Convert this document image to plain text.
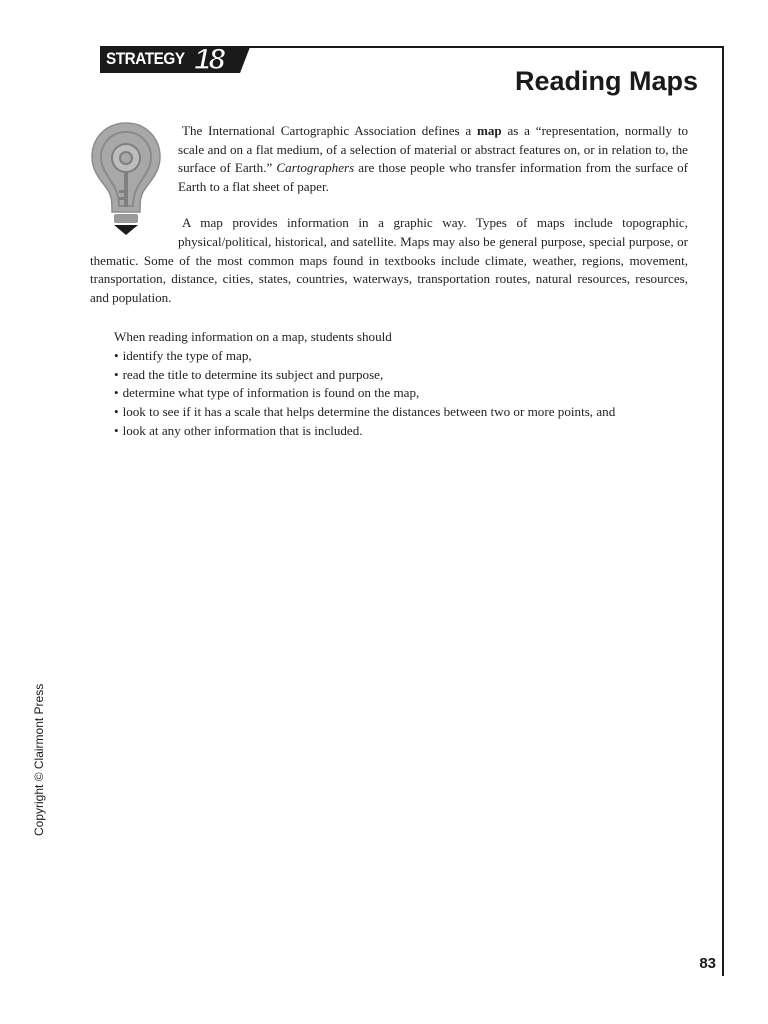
STRATEGY 18
Reading Maps

The International Cartographic Association defines a map as a “representation, normally to scale and on a flat medium, of a selection of material or abstract features on, or in relation to, the surface of Earth.” Cartographers are those people who transfer information from the surface of Earth to a flat sheet of paper.

A map provides information in a graphic way. Types of maps include topographic, physical/political, historical, and satellite. Maps may also be general purpose, special purpose, or thematic. Some of the most common maps found in textbooks include climate, weather, regions, movement, transportation, distance, cities, states, countries, waterways, transportation routes, natural resources, resources, and population.

When reading information on a map, students should
• identify the type of map,
• read the title to determine its subject and purpose,
• determine what type of information is found on the map,
• look to see if it has a scale that helps determine the distances between two or more points, and
• look at any other information that is included.
Copyright © Clairmont Press
83
